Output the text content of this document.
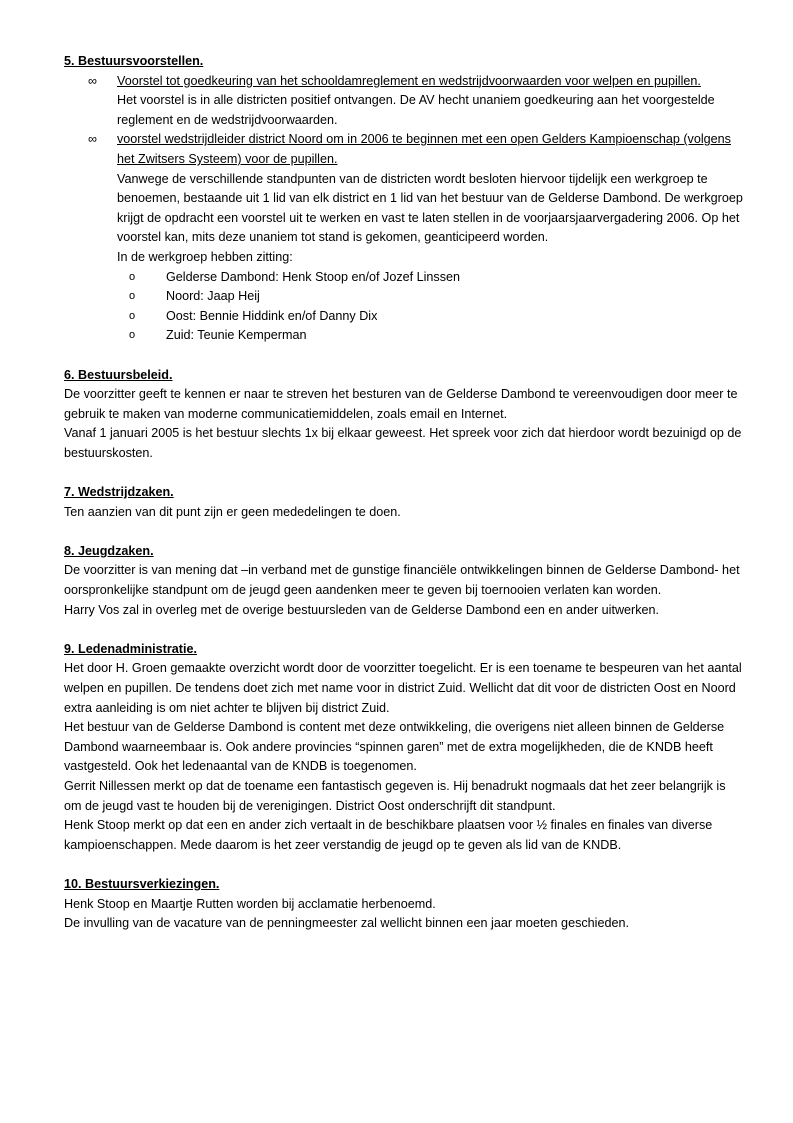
5. Bestuursvoorstellen.
∞	Voorstel tot goedkeuring van het schooldamreglement en wedstrijdvoorwaarden voor welpen en pupillen.
Het voorstel is in alle districten positief ontvangen. De AV hecht unaniem goedkeuring aan het voorgestelde reglement en de wedstrijdvoorwaarden.
∞	voorstel wedstrijdleider district Noord om in 2006 te beginnen met een open Gelders Kampioenschap (volgens het Zwitsers Systeem) voor de pupillen.
Vanwege de verschillende standpunten van de districten wordt besloten hiervoor tijdelijk een werkgroep te benoemen, bestaande uit 1 lid van elk district en 1 lid van het bestuur van de Gelderse Dambond. De werkgroep krijgt de opdracht een voorstel uit te werken en vast te laten stellen in de voorjaarsjaarvergadering 2006. Op het voorstel kan, mits deze unaniem tot stand is gekomen, geanticipeerd worden.
In de werkgroep hebben zitting:
o Gelderse Dambond: Henk Stoop en/of Jozef Linssen
o Noord: Jaap Heij
o Oost: Bennie Hiddink en/of Danny Dix
o Zuid: Teunie Kemperman

6. Bestuursbeleid.
De voorzitter geeft te kennen er naar te streven het besturen van de Gelderse Dambond te vereenvoudigen door meer te gebruik te maken van moderne communicatiemiddelen, zoals email en Internet.
Vanaf 1 januari 2005 is het bestuur slechts 1x bij elkaar geweest. Het spreek voor zich dat hierdoor wordt bezuinigd op de bestuurskosten.

7. Wedstrijdzaken.
Ten aanzien van dit punt zijn er geen mededelingen te doen.

8. Jeugdzaken.
De voorzitter is van mening dat –in verband met de gunstige financiële ontwikkelingen binnen de Gelderse Dambond- het oorspronkelijke standpunt om de jeugd geen aandenken meer te geven bij toernooien verlaten kan worden.
Harry Vos zal in overleg met de overige bestuursleden van de Gelderse Dambond een en ander uitwerken.

9. Ledenadministratie.
Het door H. Groen gemaakte overzicht wordt door de voorzitter toegelicht. Er is een toename te bespeuren van het aantal welpen en pupillen. De tendens doet zich met name voor in district Zuid. Wellicht dat dit voor de districten Oost en Noord extra aanleiding is om niet achter te blijven bij district Zuid.
Het bestuur van de Gelderse Dambond is content met deze ontwikkeling, die overigens niet alleen binnen de Gelderse Dambond waarneembaar is. Ook andere provincies “spinnen garen” met de extra mogelijkheden, die de KNDB heeft vastgesteld. Ook het ledenaantal van de KNDB is toegenomen.
Gerrit Nillessen merkt op dat de toename een fantastisch gegeven is. Hij benadrukt nogmaals dat het zeer belangrijk is om de jeugd vast te houden bij de verenigingen. District Oost onderschrijft dit standpunt.
Henk Stoop merkt op dat een en ander zich vertaalt in de beschikbare plaatsen voor ½ finales en finales van diverse kampioenschappen. Mede daarom is het zeer verstandig de jeugd op te geven als lid van de KNDB.

10. Bestuursverkiezingen.
Henk Stoop en Maartje Rutten worden bij acclamatie herbenoemd.
De invulling van de vacature van de penningmeester zal wellicht binnen een jaar moeten geschieden.
